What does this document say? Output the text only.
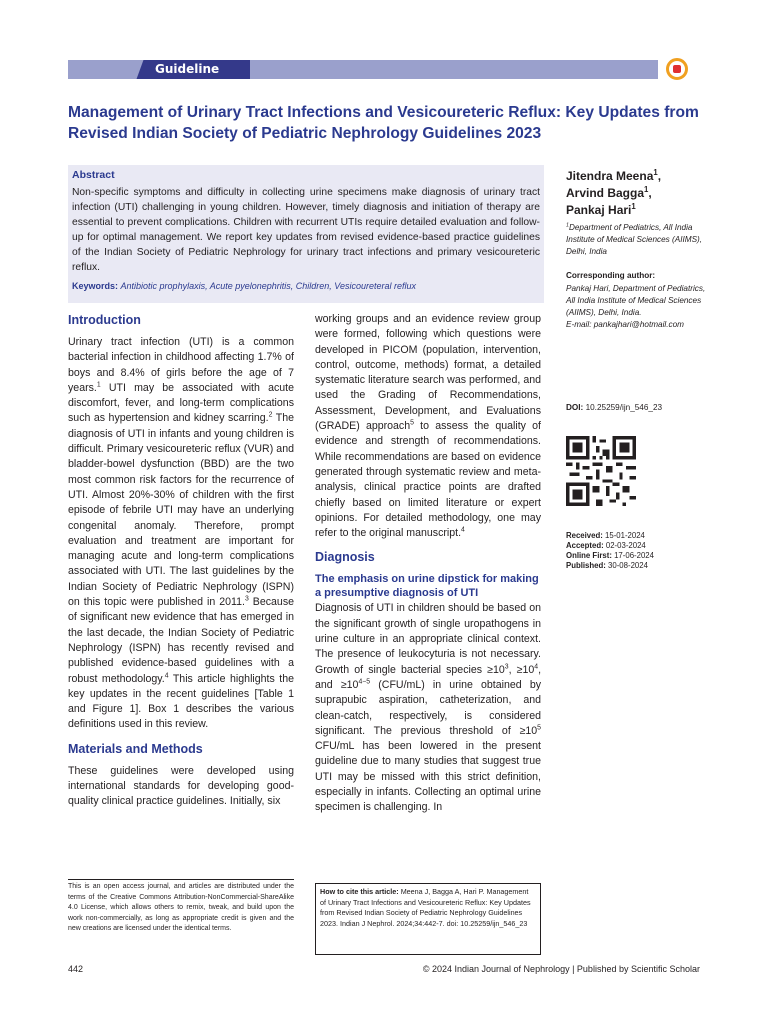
Guideline
Management of Urinary Tract Infections and Vesicoureteric Reflux: Key Updates from Revised Indian Society of Pediatric Nephrology Guidelines 2023
Abstract
Non-specific symptoms and difficulty in collecting urine specimens make diagnosis of urinary tract infection (UTI) challenging in young children. However, timely diagnosis and initiation of therapy are essential to prevent complications. Children with recurrent UTIs require detailed evaluation and follow-up for optimal management. We report key updates from revised evidence-based practice guidelines of the Indian Society of Pediatric Nephrology for urinary tract infections and primary vesicoureteric reflux.
Keywords: Antibiotic prophylaxis, Acute pyelonephritis, Children, Vesicoureteral reflux
Jitendra Meena$^1$,
Arvind Bagga$^1$,
Pankaj Hari$^1$
$^1$Department of Pediatrics, All India Institute of Medical Sciences (AIIMS), Delhi, India
Corresponding author:
Pankaj Hari, Department of Pediatrics, All India Institute of Medical Sciences (AIIMS), Delhi, India.
E-mail: pankajhari@hotmail.com
DOI: 10.25259/ijn_546_23
Received: 15-01-2024
Accepted: 02-03-2024
Online First: 17-06-2024
Published: 30-08-2024
Introduction
Urinary tract infection (UTI) is a common bacterial infection in childhood affecting 1.7% of boys and 8.4% of girls before the age of 7 years.$^1$ UTI may be associated with acute discomfort, fever, and long-term complications such as hypertension and kidney scarring.$^2$ The diagnosis of UTI in infants and young children is difficult. Primary vesicoureteric reflux (VUR) and bladder-bowel dysfunction (BBD) are the two most common risk factors for the recurrence of UTI. Almost 20%-30% of children with the first episode of febrile UTI may have an underlying congenital anomaly. Therefore, prompt evaluation and treatment are important for managing acute and long-term complications associated with UTI. The last guidelines by the Indian Society of Pediatric Nephrology (ISPN) on this topic were published in 2011.$^3$ Because of significant new evidence that has emerged in the last decade, the Indian Society of Pediatric Nephrology (ISPN) has recently revised and published evidence-based guidelines with a robust methodology.$^4$ This article highlights the key updates in the recent guidelines [Table 1 and Figure 1]. Box 1 describes the various definitions used in this review.
Materials and Methods
These guidelines were developed using international standards for developing good-quality clinical practice guidelines. Initially, six
working groups and an evidence review group were formed, following which questions were developed in PICOM (population, intervention, control, outcome, methods) format, a detailed systematic literature search was performed, and used the Grading of Recommendations, Assessment, Development, and Evaluations (GRADE) approach$^5$ to assess the quality of evidence and strength of recommendations. While recommendations are based on evidence generated through systematic review and meta-analysis, clinical practice points are drafted chiefly based on limited literature or expert opinions. For detailed methodology, one may refer to the original manuscript.$^4$
Diagnosis
The emphasis on urine dipstick for making a presumptive diagnosis of UTI
Diagnosis of UTI in children should be based on the significant growth of single uropathogens in urine culture in an appropriate clinical context. The presence of leukocyturia is not necessary. Growth of single bacterial species $\ge 10^3$, $\ge 10^4$, and $\ge 10^{4-5}$ (CFU/mL) in urine obtained by suprapubic aspiration, catheterization, and clean-catch, respectively, is considered significant. The previous threshold of $\ge 10^5$ CFU/mL has been lowered in the present guideline due to many studies that suggest true UTI may be missed with this strict definition, especially in infants. Collecting an optimal urine specimen is challenging. In
This is an open access journal, and articles are distributed under the terms of the Creative Commons Attribution-NonCommercial-ShareAlike 4.0 License, which allows others to remix, tweak, and build upon the work non-commercially, as long as appropriate credit is given and the new creations are licensed under the identical terms.
How to cite this article: Meena J, Bagga A, Hari P. Management of Urinary Tract Infections and Vesicoureteric Reflux: Key Updates from Revised Indian Society of Pediatric Nephrology Guidelines 2023. Indian J Nephrol. 2024;34:442-7. doi: 10.25259/ijn_546_23
442	© 2024 Indian Journal of Nephrology | Published by Scientific Scholar
